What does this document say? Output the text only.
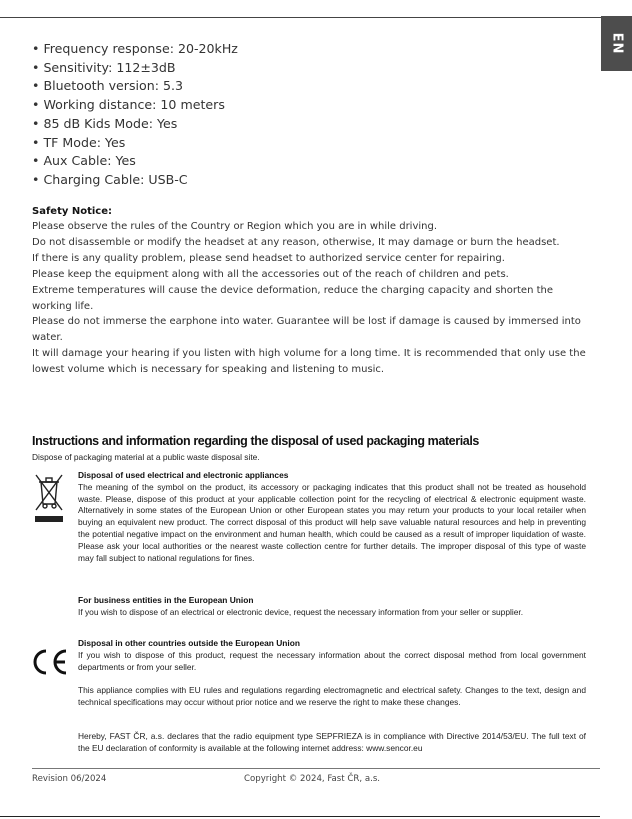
EN
• Frequency response: 20-20kHz
• Sensitivity: 112±3dB
• Bluetooth version: 5.3
• Working distance: 10 meters
• 85 dB Kids Mode: Yes
• TF Mode: Yes
• Aux Cable: Yes
• Charging Cable: USB-C
Safety Notice:

Please observe the rules of the Country or Region which you are in while driving.

Do not disassemble or modify the headset at any reason, otherwise, It may damage or burn the headset.

If there is any quality problem, please send headset to authorized service center for repairing.

Please keep the equipment along with all the accessories out of the reach of children and pets.

Extreme temperatures will cause the device deformation, reduce the charging capacity and shorten the working life.

Please do not immerse the earphone into water. Guarantee will be lost if damage is caused by immersed into water.

It will damage your hearing if you listen with high volume for a long time. It is recommended that only use the lowest volume which is necessary for speaking and listening to music.

Instructions and information regarding the disposal of used packaging materials
Dispose of packaging material at a public waste disposal site.
Disposal of used electrical and electronic appliances

The meaning of the symbol on the product, its accessory or packaging indicates that this product shall not be treated as household waste. Please, dispose of this product at your applicable collection point for the recycling of electrical & electronic equipment waste. Alternatively in some states of the European Union or other European states you may return your products to your local retailer when buying an equivalent new product. The correct disposal of this product will help save valuable natural resources and help in preventing the potential negative impact on the environment and human health, which could be caused as a result of improper liquidation of waste. Please ask your local authorities or the nearest waste collection centre for further details. The improper disposal of this type of waste may fall subject to national regulations for fines.

For business entities in the European Union

If you wish to dispose of an electrical or electronic device, request the necessary information from your seller or supplier.

Disposal in other countries outside the European Union

If you wish to dispose of this product, request the necessary information about the correct disposal method from local government departments or from your seller.

This appliance complies with EU rules and regulations regarding electromagnetic and electrical safety. Changes to the text, design and technical specifications may occur without prior notice and we reserve the right to make these changes.

Hereby, FAST ČR, a.s. declares that the radio equipment type SEPFRIEZA is in compliance with Directive 2014/53/EU. The full text of the EU declaration of conformity is available at the following internet address: www.sencor.eu

Revision 06/2024	Copyright © 2024, Fast ČR, a.s.
